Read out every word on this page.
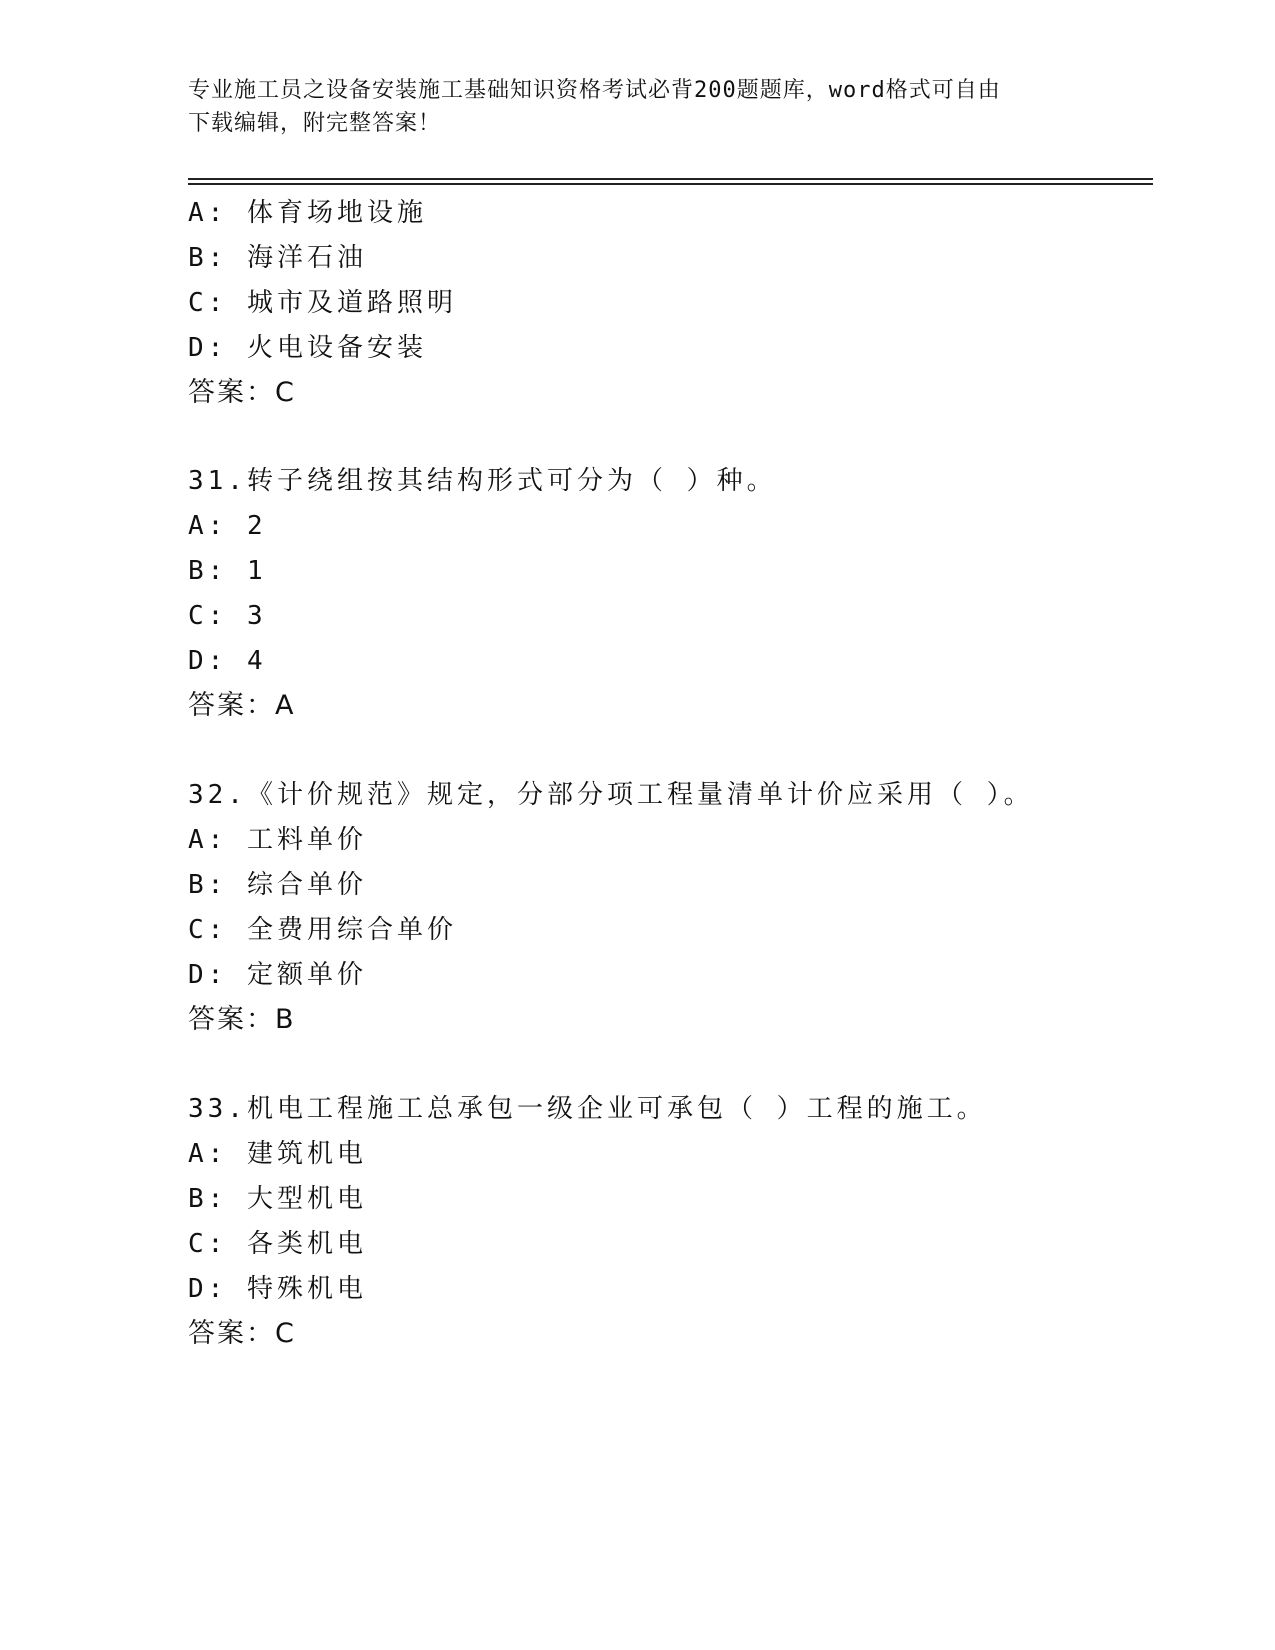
专业施工员之设备安装施工基础知识资格考试必背200题题库，word格式可自由
下载编辑，附完整答案！
A: 体育场地设施
B: 海洋石油
C: 城市及道路照明
D: 火电设备安装
答案：C
31.转子绕组按其结构形式可分为（ ）种。
A: 2
B: 1
C: 3
D: 4
答案：A
32.《计价规范》规定，分部分项工程量清单计价应采用（ ）。
A: 工料单价
B: 综合单价
C: 全费用综合单价
D: 定额单价
答案：B
33.机电工程施工总承包一级企业可承包（ ）工程的施工。
A: 建筑机电
B: 大型机电
C: 各类机电
D: 特殊机电
答案：C
